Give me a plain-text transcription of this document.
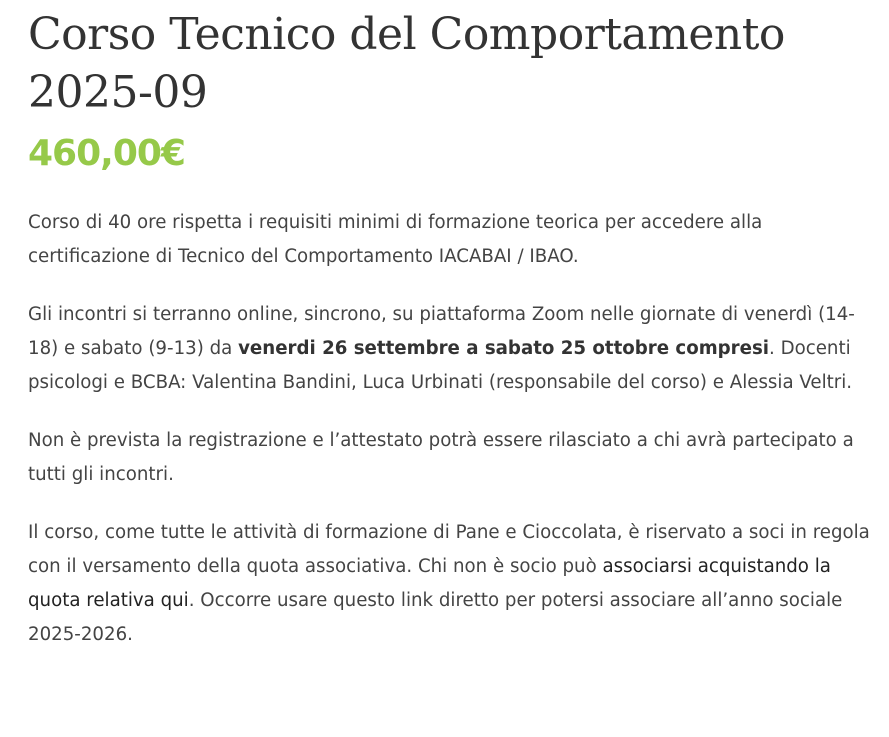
Corso Tecnico del Comportamento
2025-09
460,00€

Corso di 40 ore rispetta i requisiti minimi di formazione teorica per accedere alla certificazione di Tecnico del Comportamento IACABAI / IBAO.

Gli incontri si terranno online, sincrono, su piattaforma Zoom nelle giornate di venerdì (14-18) e sabato (9-13) da venerdi 26 settembre a sabato 25 ottobre compresi. Docenti psicologi e BCBA: Valentina Bandini, Luca Urbinati (responsabile del corso) e Alessia Veltri.

Non è prevista la registrazione e l’attestato potrà essere rilasciato a chi avrà partecipato a tutti gli incontri.

Il corso, come tutte le attività di formazione di Pane e Cioccolata, è riservato a soci in regola con il versamento della quota associativa. Chi non è socio può associarsi acquistando la quota relativa qui. Occorre usare questo link diretto per potersi associare all’anno sociale 2025-2026.
